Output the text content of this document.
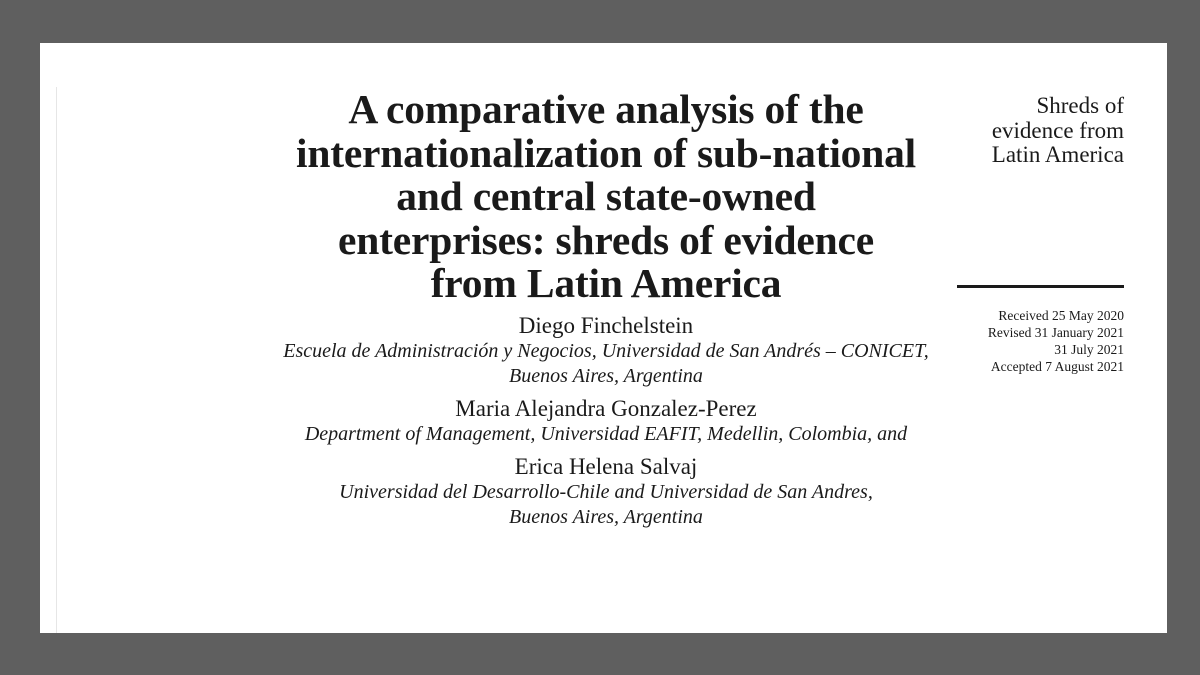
A comparative analysis of the
internationalization of sub-national
and central state-owned
enterprises: shreds of evidence
from Latin America
Diego Finchelstein
Escuela de Administración y Negocios, Universidad de San Andrés – CONICET,
Buenos Aires, Argentina
Maria Alejandra Gonzalez-Perez
Department of Management, Universidad EAFIT, Medellin, Colombia, and
Erica Helena Salvaj
Universidad del Desarrollo-Chile and Universidad de San Andres,
Buenos Aires, Argentina
Shreds of
evidence from
Latin America
Received 25 May 2020
Revised 31 January 2021
31 July 2021
Accepted 7 August 2021
